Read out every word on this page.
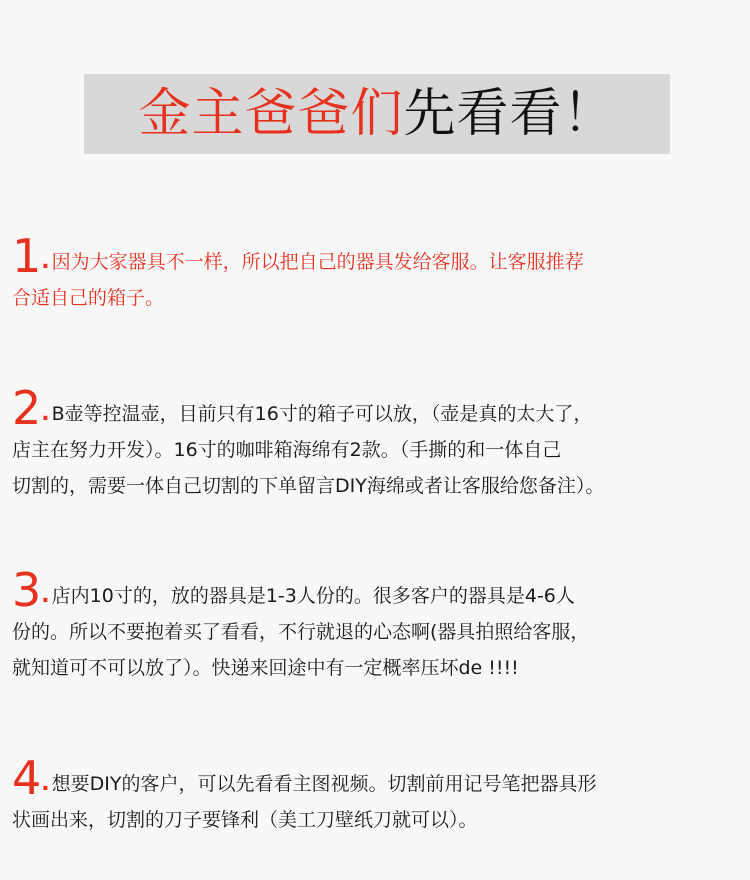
金主爸爸们先看看！
1. 因为大家器具不一样，所以把自己的器具发给客服。让客服推荐
合适自己的箱子。
2. B壶等控温壶，目前只有16寸的箱子可以放，（壶是真的太大了，
店主在努力开发）。16寸的咖啡箱海绵有2款。（手撕的和一体自己
切割的，需要一体自己切割的下单留言DIY海绵或者让客服给您备注）。
3. 店内10寸的，放的器具是1-3人份的。很多客户的器具是4-6人
份的。所以不要抱着买了看看，不行就退的心态啊(器具拍照给客服，
就知道可不可以放了）。快递来回途中有一定概率压坏de !!!!
4. 想要DIY的客户，可以先看看主图视频。切割前用记号笔把器具形
状画出来，切割的刀子要锋利（美工刀壁纸刀就可以）。
